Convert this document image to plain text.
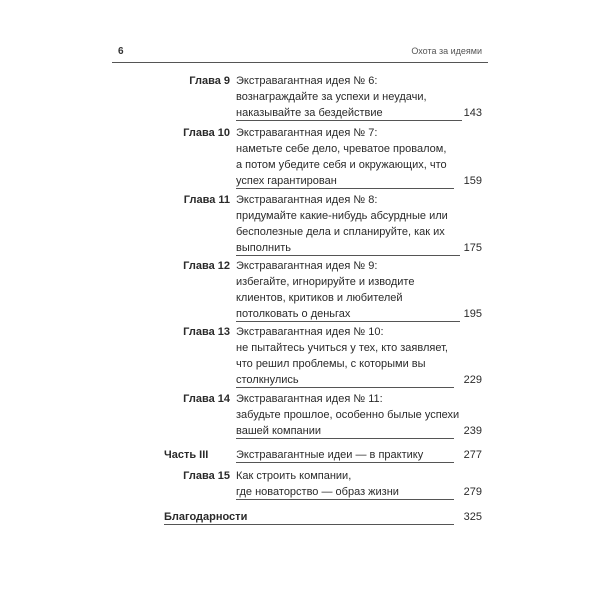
6	Охота за идеями
Глава 9 Экстравагантная идея № 6:
вознаграждайте за успехи и неудачи,
наказывайте за бездействие	143
Глава 10 Экстравагантная идея № 7:
наметьте себе дело, чреватое провалом,
а потом убедите себя и окружающих, что
успех гарантирован	159
Глава 11 Экстравагантная идея № 8:
придумайте какие-нибудь абсурдные или
бесполезные дела и спланируйте, как их
выполнить	175
Глава 12 Экстравагантная идея № 9:
избегайте, игнорируйте и изводите
клиентов, критиков и любителей
потолковать о деньгах	195
Глава 13 Экстравагантная идея № 10:
не пытайтесь учиться у тех, кто заявляет,
что решил проблемы, с которыми вы
столкнулись	229
Глава 14 Экстравагантная идея № 11:
забудьте прошлое, особенно былые успехи
вашей компании	239
Часть III	Экстравагантные идеи — в практику	277
Глава 15 Как строить компании,
где новаторство — образ жизни	279
Благодарности	325
